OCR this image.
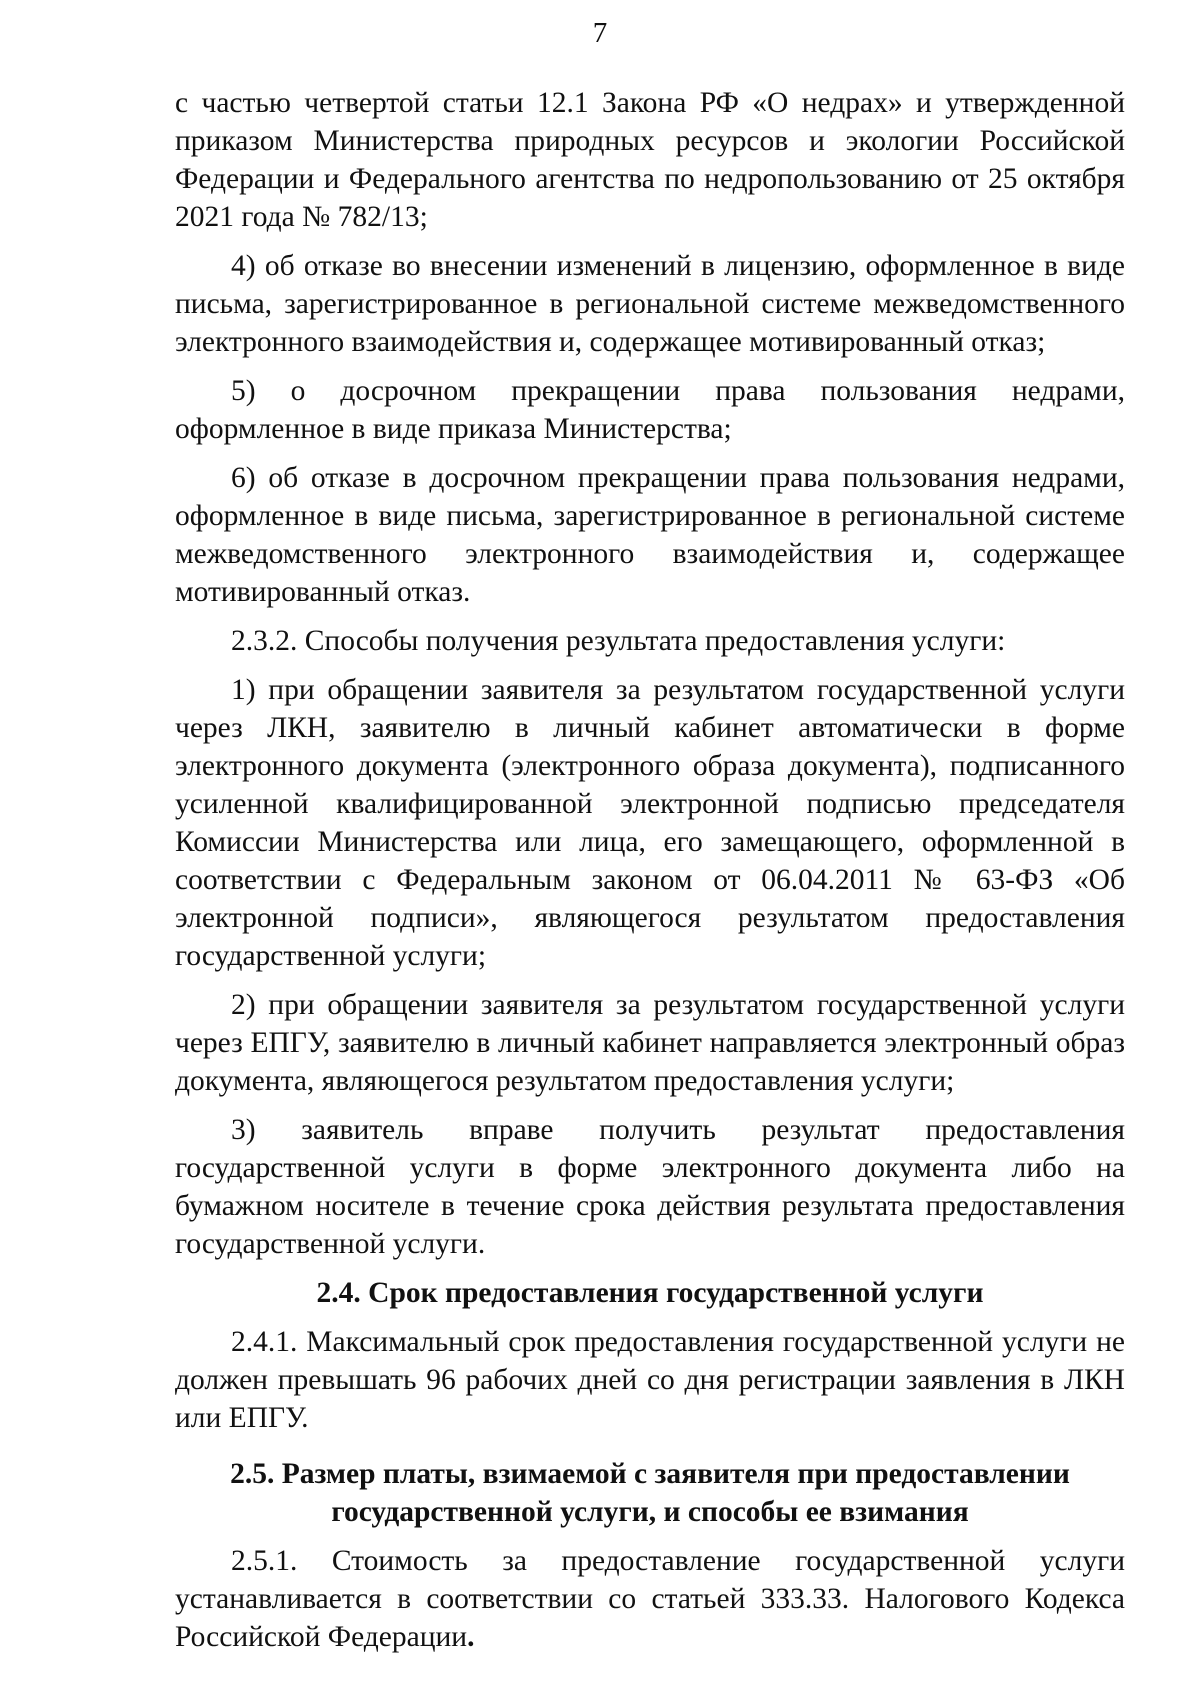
7

с частью четвертой статьи 12.1 Закона РФ «О недрах» и утвержденной приказом Министерства природных ресурсов и экологии Российской Федерации и Федерального агентства по недропользованию от 25 октября 2021 года № 782/13;

4) об отказе во внесении изменений в лицензию, оформленное в виде письма, зарегистрированное в региональной системе межведомственного электронного взаимодействия и, содержащее мотивированный отказ;

5) о досрочном прекращении права пользования недрами, оформленное в виде приказа Министерства;

6) об отказе в досрочном прекращении права пользования недрами, оформленное в виде письма, зарегистрированное в региональной системе межведомственного электронного взаимодействия и, содержащее мотивированный отказ.

2.3.2. Способы получения результата предоставления услуги:

1) при обращении заявителя за результатом государственной услуги через ЛКН, заявителю в личный кабинет автоматически в форме электронного документа (электронного образа документа), подписанного усиленной квалифицированной электронной подписью председателя Комиссии Министерства или лица, его замещающего, оформленной в соответствии с Федеральным законом от 06.04.2011 № 63-ФЗ «Об электронной подписи», являющегося результатом предоставления государственной услуги;

2) при обращении заявителя за результатом государственной услуги через ЕПГУ, заявителю в личный кабинет направляется электронный образ документа, являющегося результатом предоставления услуги;

3) заявитель вправе получить результат предоставления государственной услуги в форме электронного документа либо на бумажном носителе в течение срока действия результата предоставления государственной услуги.

2.4. Срок предоставления государственной услуги

2.4.1. Максимальный срок предоставления государственной услуги не должен превышать 96 рабочих дней со дня регистрации заявления в ЛКН или ЕПГУ.

2.5. Размер платы, взимаемой с заявителя при предоставлении государственной услуги, и способы ее взимания

2.5.1. Стоимость за предоставление государственной услуги устанавливается в соответствии со статьей 333.33. Налогового Кодекса Российской Федерации.
